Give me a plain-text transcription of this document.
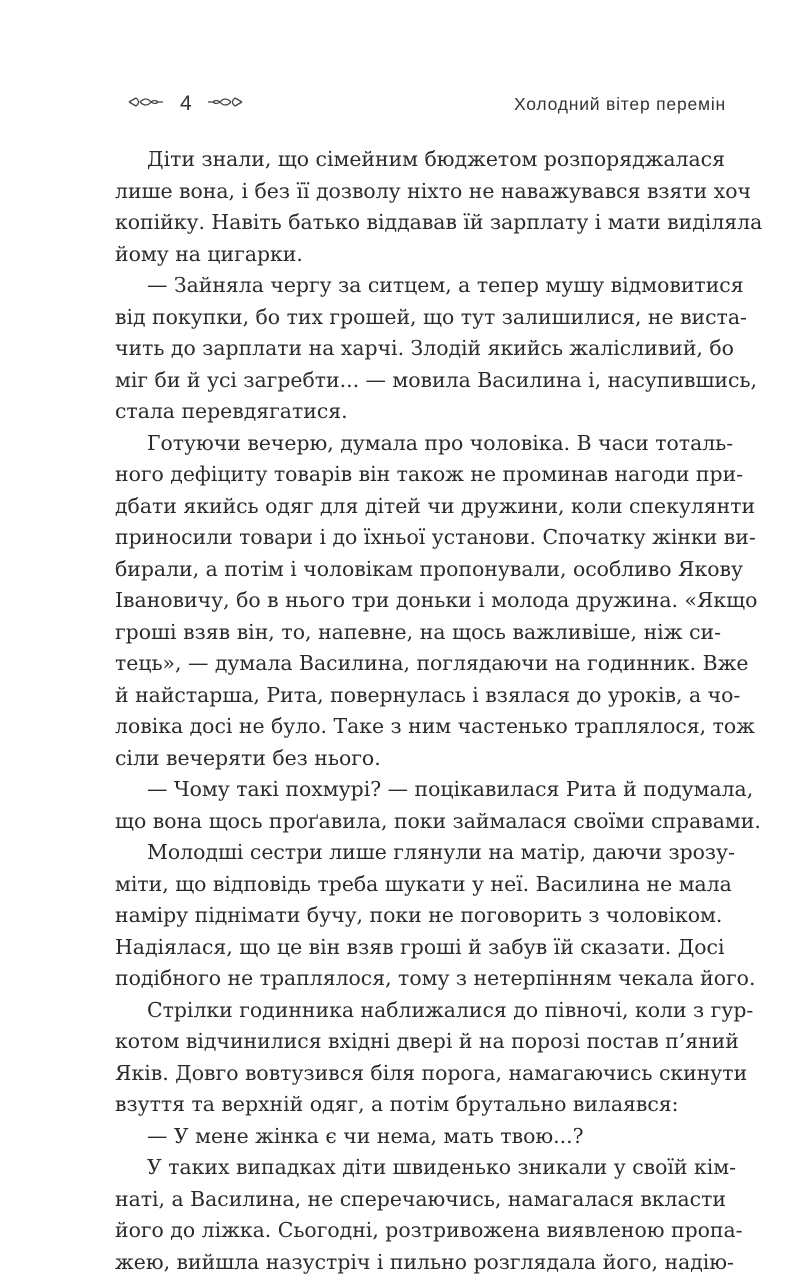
4	Холодний вітер перемін
Діти знали, що сімейним бюджетом розпоряджалася
лише вона, і без її дозволу ніхто не наважувався взяти хоч
копійку. Навіть батько віддавав їй зарплату і мати виділяла
йому на цигарки.
— Зайняла чергу за ситцем, а тепер мушу відмовитися
від покупки, бо тих грошей, що тут залишилися, не виста-
чить до зарплати на харчі. Злодій якийсь жалісливий, бо
міг би й усі загребти... — мовила Василина і, насупившись,
стала перевдягатися.
Готуючи вечерю, думала про чоловіка. В часи тоталь-
ного дефіциту товарів він також не проминав нагоди при-
дбати якийсь одяг для дітей чи дружини, коли спекулянти
приносили товари і до їхньої установи. Спочатку жінки ви-
бирали, а потім і чоловікам пропонували, особливо Якову
Івановичу, бо в нього три доньки і молода дружина. «Якщо
гроші взяв він, то, напевне, на щось важливіше, ніж си-
тець», — думала Василина, поглядаючи на годинник. Вже
й найстарша, Рита, повернулась і взялася до уроків, а чо-
ловіка досі не було. Таке з ним частенько траплялося, тож
сіли вечеряти без нього.
— Чому такі похмурі? — поцікавилася Рита й подумала,
що вона щось проґавила, поки займалася своїми справами.
Молодші сестри лише глянули на матір, даючи зрозу-
міти, що відповідь треба шукати у неї. Василина не мала
наміру піднімати бучу, поки не поговорить з чоловіком.
Надіялася, що це він взяв гроші й забув їй сказати. Досі
подібного не траплялося, тому з нетерпінням чекала його.
Стрілки годинника наближалися до півночі, коли з гур-
котом відчинилися вхідні двері й на порозі постав п’яний
Яків. Довго вовтузився біля порога, намагаючись скинути
взуття та верхній одяг, а потім брутально вилаявся:
— У мене жінка є чи нема, мать твою...?
У таких випадках діти швиденько зникали у своїй кім-
наті, а Василина, не сперечаючись, намагалася вкласти
його до ліжка. Сьогодні, розтривожена виявленою пропа-
жею, вийшла назустріч і пильно розглядала його, надію-
